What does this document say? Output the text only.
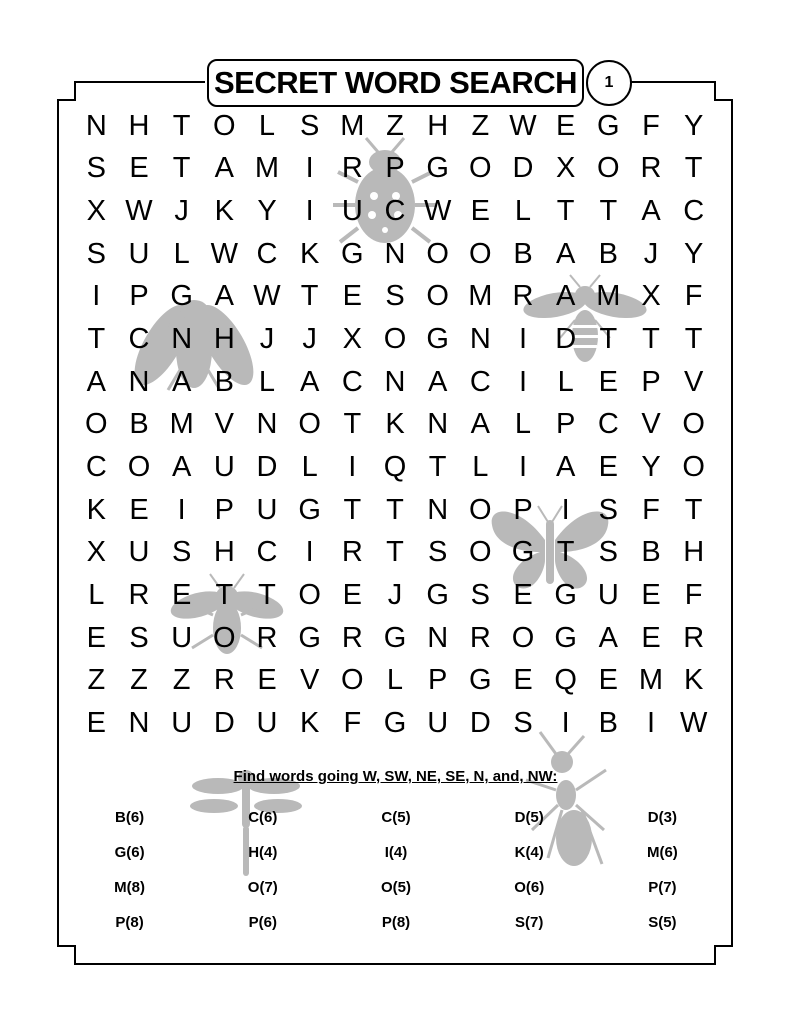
SECRET WORD SEARCH	1
N H T O L S M Z H Z W E G F Y
S E T A M I R P G O D X O R T
X W J K Y I U C W E L T T A C
S U L W C K G N O O B A B J Y
I P G A W T E S O M R A M X F
T C N H J J X O G N I D T T T
A N A B L A C N A C I	L E P V
O B M V N O T K N A L P C V O
C O A U D L	I Q T L	I A E Y O
K E I P U G T T N O P I S F T
X U S H C I R T S O G T S B H
L R E T T O E J G S E G U E F
E S U O R G R G N R O G A E R
Z Z Z R E V O L P G E Q E M K
E N U D U K F G U D S I B I W
Find words going W, SW, NE, SE, N, and, NW:
B(6)	C(6)	C(5)	D(5)	D(3)
G(6)	H(4)	I(4)	K(4)	M(6)
M(8)	O(7)	O(5)	O(6)	P(7)
P(8)	P(6)	P(8)	S(7)	S(5)
